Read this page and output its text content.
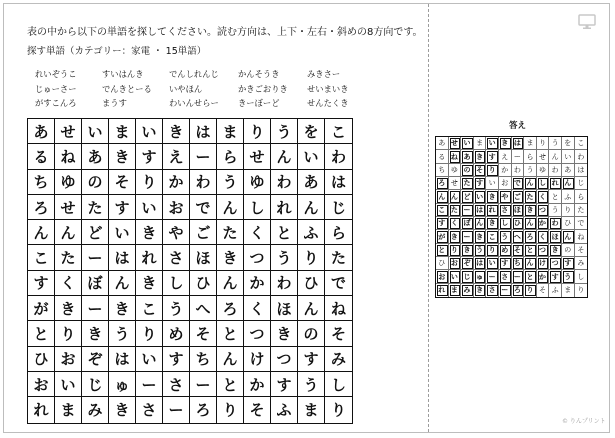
表の中から以下の単語を探してください。読む方向は、上下・左右・斜めの8方向です。
探す単語（カテゴリー：家電 ・ 15単語）
れいぞうこ	すいはんき	でんしれんじ	かんそうき	みきさー
じゅーさー	でんきとーる	いやほん	かきごおりき	せいまいき
がすこんろ	まうす	わいんせらー	きーぼーど	せんたくき
あ せ い ま い き は ま り う を こ
る ね あ き す え ー ら せ ん い わ
ち ゆ の そ り か わ う ゆ わ あ は
ろ せ た す い お で ん し れ ん じ
ん ん ど い き や ご た く と ふ ら
こ た ー は れ さ ほ き つ う り た
す く ぼ ん き し ひ ん か わ ひ で
が き ー き こ う へ ろ く ほ ん ね
と り き う り め そ と つ き の そ
ひ お ぞ は い す ち ん け つ す み
お い じ ゅ ー さ ー と か す う し
れ ま み き さ ー ろ り そ ふ ま り
答え
あ せ い ま い き は ま り う を こ
る ね あ き す え ー ら せ ん い わ
ち ゆ の そ り か わ う ゆ わ あ は
ろ せ た す い お で ん し れ ん じ
ん ん ど い き や ご た く と ふ ら
こ た ー は れ さ ほ き つ う り た
す く ぼ ん き し ひ ん か わ ひ で
が き ー き こ う へ ろ く ほ ん ね
と り き う り め そ と つ き の そ
ひ お ぞ は い す ち ん け つ す み
お い じ ゅ ー さ ー と か す う し
れ ま み き さ ー ろ り そ ふ ま り
© りんプリント
